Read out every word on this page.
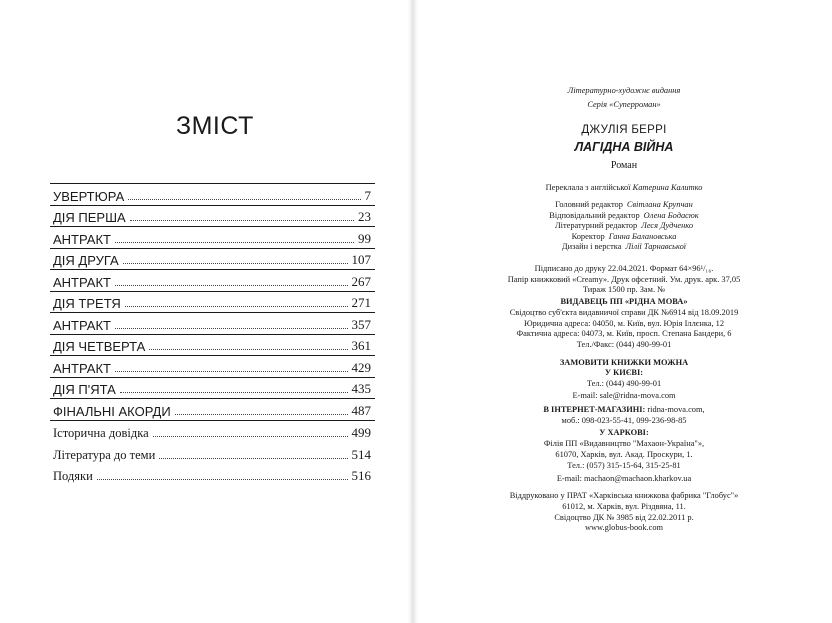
ЗМІСТ
УВЕРТЮРА	7
ДІЯ ПЕРША	23
АНТРАКТ	99
ДІЯ ДРУГА	107
АНТРАКТ	267
ДІЯ ТРЕТЯ	271
АНТРАКТ	357
ДІЯ ЧЕТВЕРТА	361
АНТРАКТ	429
ДІЯ П'ЯТА	435
ФІНАЛЬНІ АКОРДИ	487
Історична довідка	499
Література до теми	514
Подяки	516
Літературно-художнє видання
Серія «Суперроман»
ДЖУЛІЯ БЕРРІ
ЛАГІДНА ВІЙНА
Роман
Переклала з англійської Катерина Калитко
Головний редактор Світлана Крупчан
Відповідальний редактор Олена Бодасюк
Літературний редактор Леся Дудченко
Коректор Ганна Балановська
Дизайн і верстка Лілії Тарнавської
Підписано до друку 22.04.2021. Формат 64×96¹/₁₆.
Папір книжковий «Creamy». Друк офсетний. Ум. друк. арк. 37,05
Тираж 1500 пр. Зам. №
ВИДАВЕЦЬ ПП «РІДНА МОВА»
Свідоцтво суб'єкта видавничої справи ДК №6914 від 18.09.2019
Юридична адреса: 04050, м. Київ, вул. Юрія Іллєнка, 12
Фактична адреса: 04073, м. Київ, просп. Степана Бандери, 6
Тел./Факс: (044) 490-99-01
ЗАМОВИТИ КНИЖКИ МОЖНА
У КИЄВІ:
Тел.: (044) 490-99-01
E-mail: sale@ridna-mova.com
В ІНТЕРНЕТ-МАГАЗИНІ: ridna-mova.com,
моб.: 098-023-55-41, 099-236-98-85
У ХАРКОВІ:
Філія ПП «Видавництво "Махаон-Україна"»,
61070, Харків, вул. Акад. Проскури, 1.
Тел.: (057) 315-15-64, 315-25-81
E-mail: machaon@machaon.kharkov.ua
Віддруковано у ПРАТ «Харківська книжкова фабрика "Глобус"»
61012, м. Харків, вул. Різдвяна, 11.
Свідоцтво ДК № 3985 від 22.02.2011 р.
www.globus-book.com
